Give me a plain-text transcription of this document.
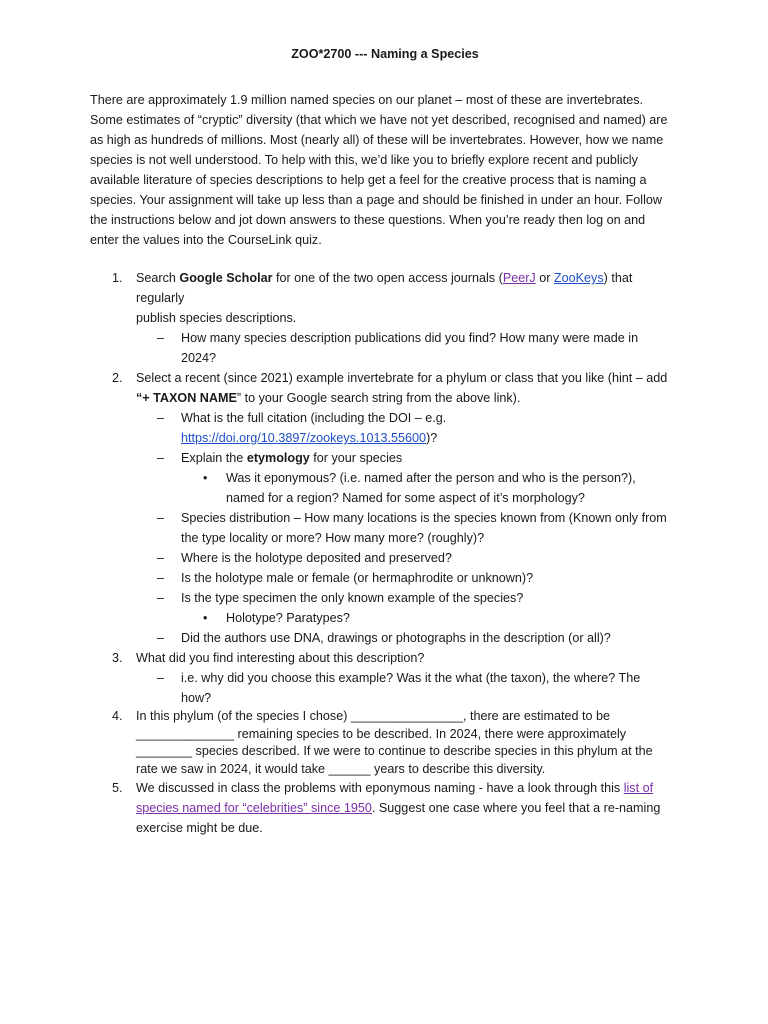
ZOO*2700 --- Naming a Species

There are approximately 1.9 million named species on our planet – most of these are invertebrates.

Some estimates of “cryptic” diversity (that which we have not yet described, recognised and named) are

as high as hundreds of millions. Most (nearly all) of these will be invertebrates. However, how we name

species is not well understood. To help with this, we’d like you to briefly explore recent and publicly

available literature of species descriptions to help get a feel for the creative process that is naming a

species. Your assignment will take up less than a page and should be finished in under an hour. Follow

the instructions below and jot down answers to these questions. When you’re ready then log on and

enter the values into the CourseLink quiz.

1. Search Google Scholar for one of the two open access journals (PeerJ or ZooKeys) that regularly
publish species descriptions.
– How many species description publications did you find? How many were made in
2024?
2. Select a recent (since 2021) example invertebrate for a phylum or class that you like (hint – add
“+ TAXON NAME” to your Google search string from the above link).
– What is the full citation (including the DOI – e.g.
https://doi.org/10.3897/zookeys.1013.55600)?
– Explain the etymology for your species
• Was it eponymous? (i.e. named after the person and who is the person?),
named for a region? Named for some aspect of it’s morphology?
– Species distribution – How many locations is the species known from (Known only from
the type locality or more? How many more? (roughly)?
– Where is the holotype deposited and preserved?
– Is the holotype male or female (or hermaphrodite or unknown)?
– Is the type specimen the only known example of the species?
• Holotype? Paratypes?
– Did the authors use DNA, drawings or photographs in the description (or all)?
3. What did you find interesting about this description?
– i.e. why did you choose this example? Was it the what (the taxon), the where? The
how?
4. In this phylum (of the species I chose) ________________, there are estimated to be
______________ remaining species to be described. In 2024, there were approximately
________ species described. If we were to continue to describe species in this phylum at the
rate we saw in 2024, it would take ______ years to describe this diversity.
5. We discussed in class the problems with eponymous naming - have a look through this list of
species named for “celebrities” since 1950. Suggest one case where you feel that a re-naming
exercise might be due.
